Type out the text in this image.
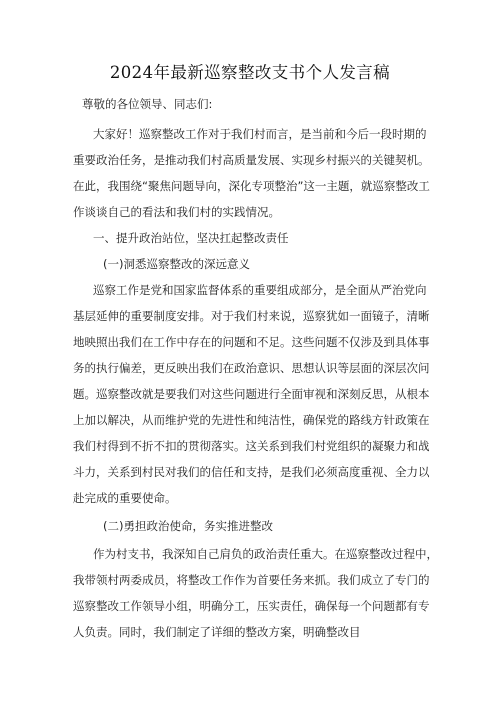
2024年最新巡察整改支书个人发言稿
尊敬的各位领导、同志们:
大家好！巡察整改工作对于我们村而言，是当前和今后一段时期的
重要政治任务，是推动我们村高质量发展、实现乡村振兴的关键契机。
在此，我围绕“聚焦问题导向，深化专项整治”这一主题，就巡察整改工
作谈谈自己的看法和我们村的实践情况。
一、提升政治站位，坚决扛起整改责任
(一)洞悉巡察整改的深远意义
巡察工作是党和国家监督体系的重要组成部分，是全面从严治党向
基层延伸的重要制度安排。对于我们村来说，巡察犹如一面镜子，清晰
地映照出我们在工作中存在的问题和不足。这些问题不仅涉及到具体事
务的执行偏差，更反映出我们在政治意识、思想认识等层面的深层次问
题。巡察整改就是要我们对这些问题进行全面审视和深刻反思，从根本
上加以解决，从而维护党的先进性和纯洁性，确保党的路线方针政策在
我们村得到不折不扣的贯彻落实。这关系到我们村党组织的凝聚力和战
斗力，关系到村民对我们的信任和支持，是我们必须高度重视、全力以
赴完成的重要使命。
(二)勇担政治使命，务实推进整改
作为村支书，我深知自己肩负的政治责任重大。在巡察整改过程中，
我带领村两委成员，将整改工作作为首要任务来抓。我们成立了专门的
巡察整改工作领导小组，明确分工，压实责任，确保每一个问题都有专
人负责。同时，我们制定了详细的整改方案，明确整改目
